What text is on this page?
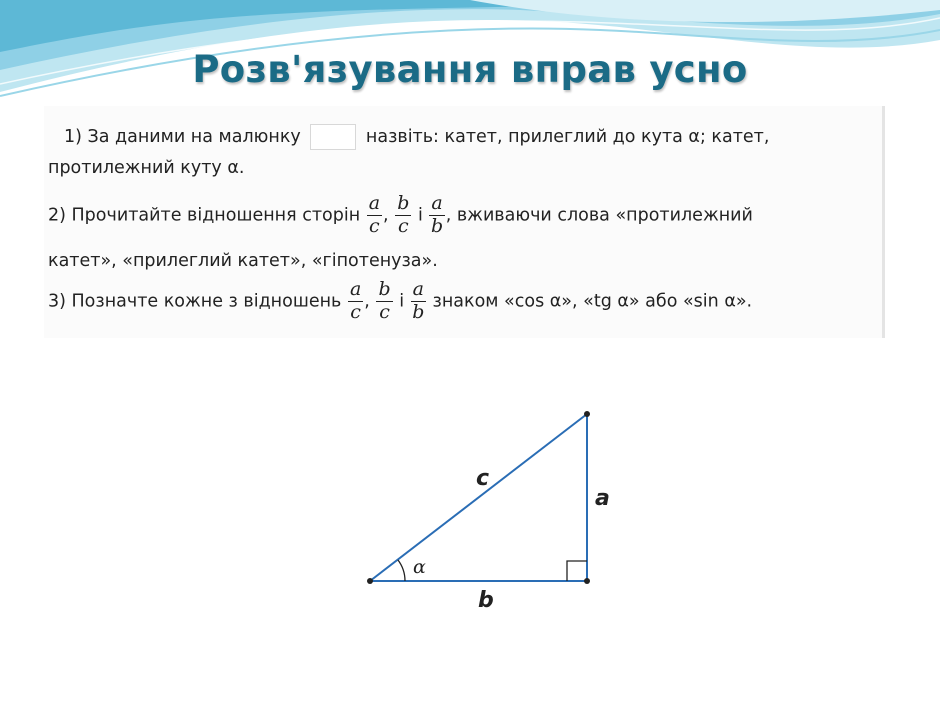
Розв'язування вправ усно
1) За даними на малюнку	назвіть: катет, прилеглий до кута α; катет,
протилежний куту α.
2) Прочитайте відношення сторін $\frac{a}{c}$ , $\frac{b}{c}$ і $\frac{a}{b}$ , вживаючи слова «протилежний
катет», «прилеглий катет», «гіпотенуза».
3) Позначте кожне з відношень $\frac{a}{c}$ , $\frac{b}{c}$ і $\frac{a}{b}$ знаком «cos α», «tg α» або «sin α».
c
a
b
α
